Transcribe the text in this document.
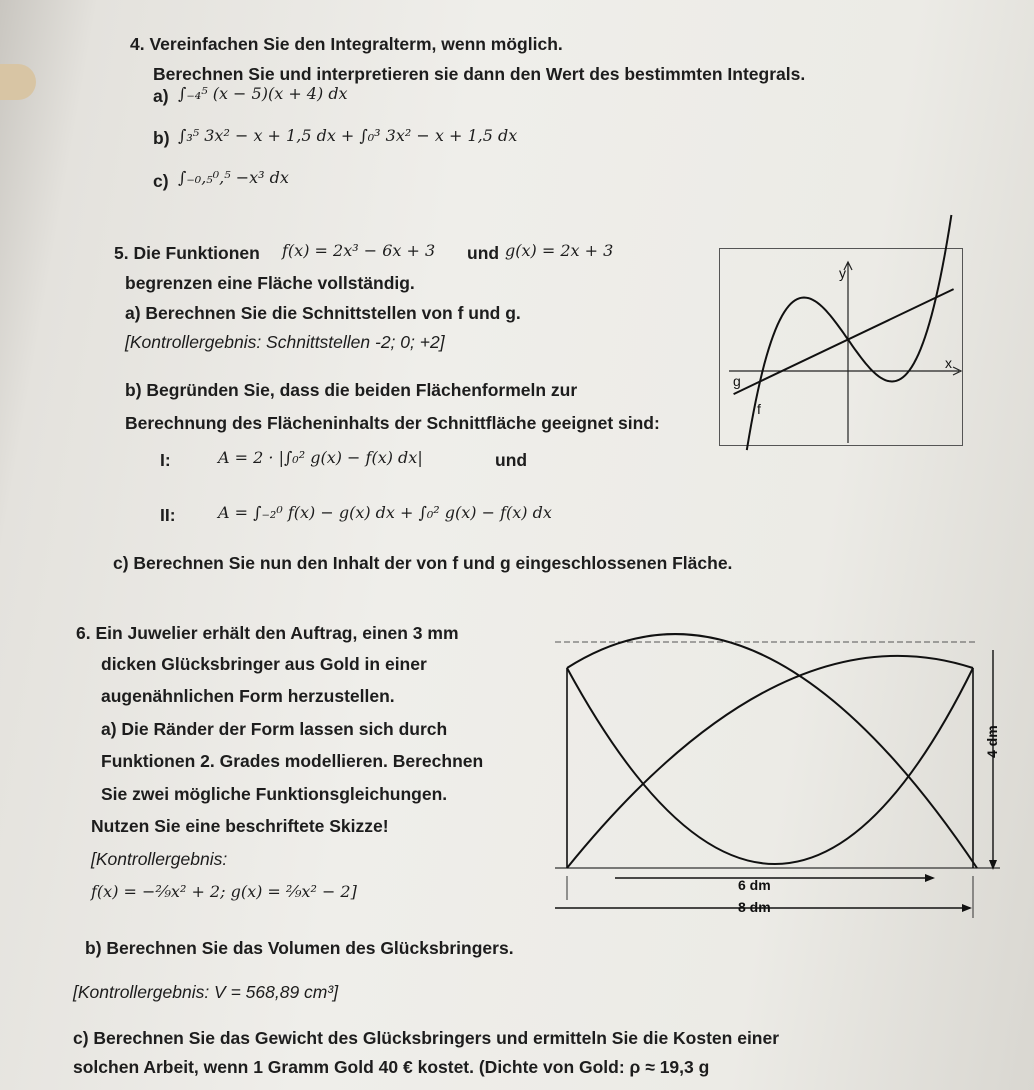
4. Vereinfachen Sie den Integralterm, wenn möglich.
Berechnen Sie und interpretieren sie dann den Wert des bestimmten Integrals.
a) ∫₋₄⁵ (x − 5)(x + 4) dx
b) ∫₃⁵ 3x² − x + 1,5 dx + ∫₀³ 3x² − x + 1,5 dx
c) ∫₋₀,₅⁰,⁵ −x³ dx
5. Die Funktionen f(x) = 2x³ − 6x + 3 und g(x) = 2x + 3
begrenzen eine Fläche vollständig.
a) Berechnen Sie die Schnittstellen von f und g.
[Kontrollergebnis: Schnittstellen -2; 0; +2]
b) Begründen Sie, dass die beiden Flächenformeln zur
Berechnung des Flächeninhalts der Schnittfläche geeignet sind:
I:	A = 2 · |∫₀² g(x) − f(x) dx|	und
II:	A = ∫₋₂⁰ f(x) − g(x) dx + ∫₀² g(x) − f(x) dx
c) Berechnen Sie nun den Inhalt der von f und g eingeschlossenen Fläche.
y
x
g
f
6. Ein Juwelier erhält den Auftrag, einen 3 mm
dicken Glücksbringer aus Gold in einer
augenähnlichen Form herzustellen.
a) Die Ränder der Form lassen sich durch
Funktionen 2. Grades modellieren. Berechnen
Sie zwei mögliche Funktionsgleichungen.
Nutzen Sie eine beschriftete Skizze!
[Kontrollergebnis:
f(x) = −²⁄₉x² + 2; g(x) = ²⁄₉x² − 2]
b) Berechnen Sie das Volumen des Glücksbringers.
[Kontrollergebnis: V = 568,89 cm³]
c) Berechnen Sie das Gewicht des Glücksbringers und ermitteln Sie die Kosten einer
solchen Arbeit, wenn 1 Gramm Gold 40 € kostet. (Dichte von Gold: ρ ≈ 19,3 g
6 dm
8 dm
4 dm
